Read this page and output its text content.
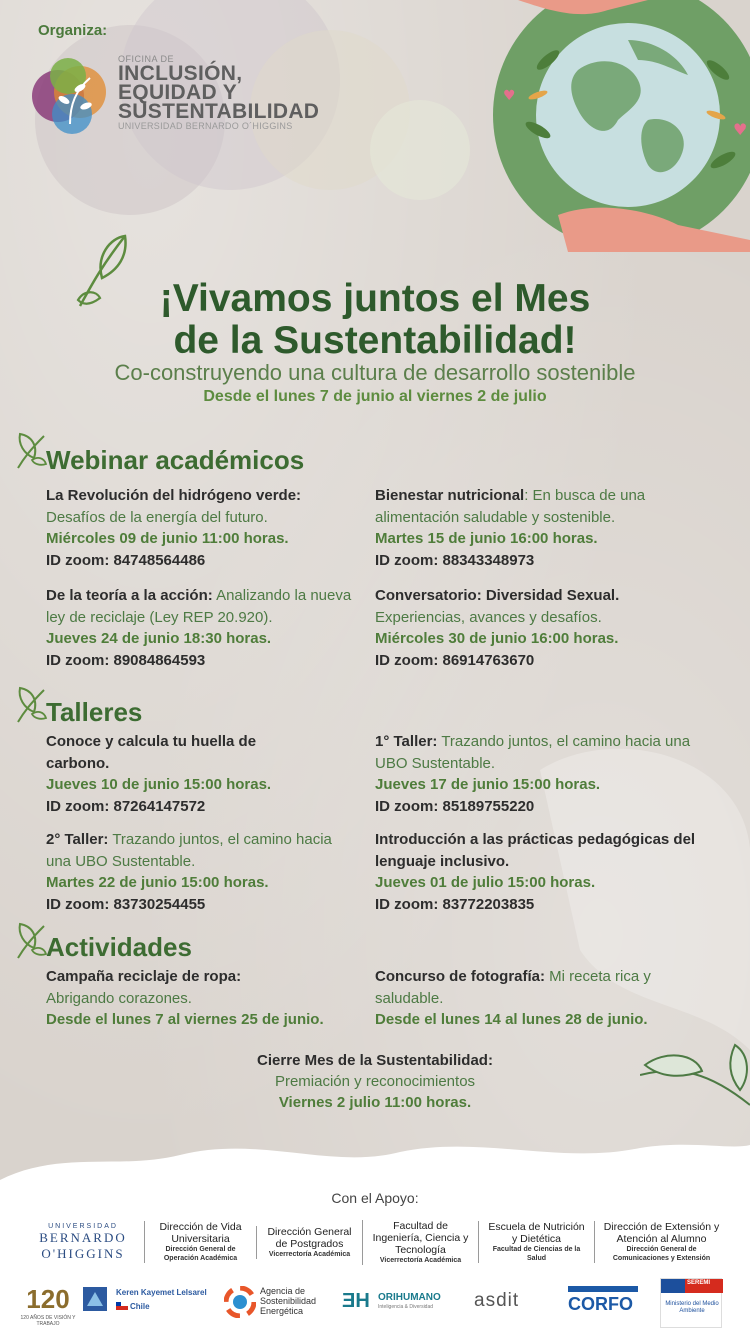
Organiza:
OFICINA DE
INCLUSIÓN,
EQUIDAD Y
SUSTENTABILIDAD
UNIVERSIDAD BERNARDO O´HIGGINS
♥
♥
¡Vivamos juntos el Mes
de la Sustentabilidad!
Co-construyendo una cultura de desarrollo sostenible
Desde el lunes 7 de junio al viernes 2 de julio
Webinar académicos
La Revolución del hidrógeno verde:
Desafíos de la energía del futuro.
Miércoles 09 de junio 11:00 horas.
ID zoom: 84748564486
Bienestar nutricional: En busca de una alimentación saludable y sostenible.
Martes 15 de junio 16:00 horas.
ID zoom: 88343348973
De la teoría a la acción: Analizando la nueva ley de reciclaje (Ley REP 20.920).
Jueves 24 de junio 18:30 horas.
ID zoom: 89084864593
Conversatorio: Diversidad Sexual.
Experiencias, avances y desafíos.
Miércoles 30 de junio 16:00 horas.
ID zoom: 86914763670
Talleres
Conoce y calcula tu huella de carbono.
Jueves 10 de junio 15:00 horas.
ID zoom: 87264147572
1° Taller: Trazando juntos, el camino hacia una UBO Sustentable.
Jueves 17 de junio 15:00 horas.
ID zoom: 85189755220
2° Taller: Trazando juntos, el camino hacia una UBO Sustentable.
Martes 22 de junio 15:00 horas.
ID zoom: 83730254455
Introducción a las prácticas pedagógicas del lenguaje inclusivo.
Jueves 01 de julio 15:00 horas.
ID zoom: 83772203835
Actividades
Campaña reciclaje de ropa:
Abrigando corazones.
Desde el lunes 7 al viernes 25 de junio.
Concurso de fotografía: Mi receta rica y saludable.
Desde el lunes 14 al lunes 28 de junio.
Cierre Mes de la Sustentabilidad:
Premiación y reconocimientos
Viernes 2 julio 11:00 horas.
Con el Apoyo:
UNIVERSIDAD
BERNARDO
O'HIGGINS
Dirección de Vida Universitaria
Dirección General de Operación Académica
Dirección General de Postgrados
Vicerrectoría Académica
Facultad de Ingeniería, Ciencia y Tecnología
Vicerrectoría Académica
Escuela de Nutrición y Dietética
Facultad de Ciencias de la Salud
Dirección de Extensión y Atención al Alumno
Dirección General de Comunicaciones y Extensión
120
120 AÑOS DE VISIÓN Y TRABAJO
Keren Kayemet Lelsarel
Chile
Agencia de Sostenibilidad Energética	ƎH ORIHUMANO
Inteligencia & Diversidad asdit	CORFO
SEREMI
Ministerio del Medio Ambiente
